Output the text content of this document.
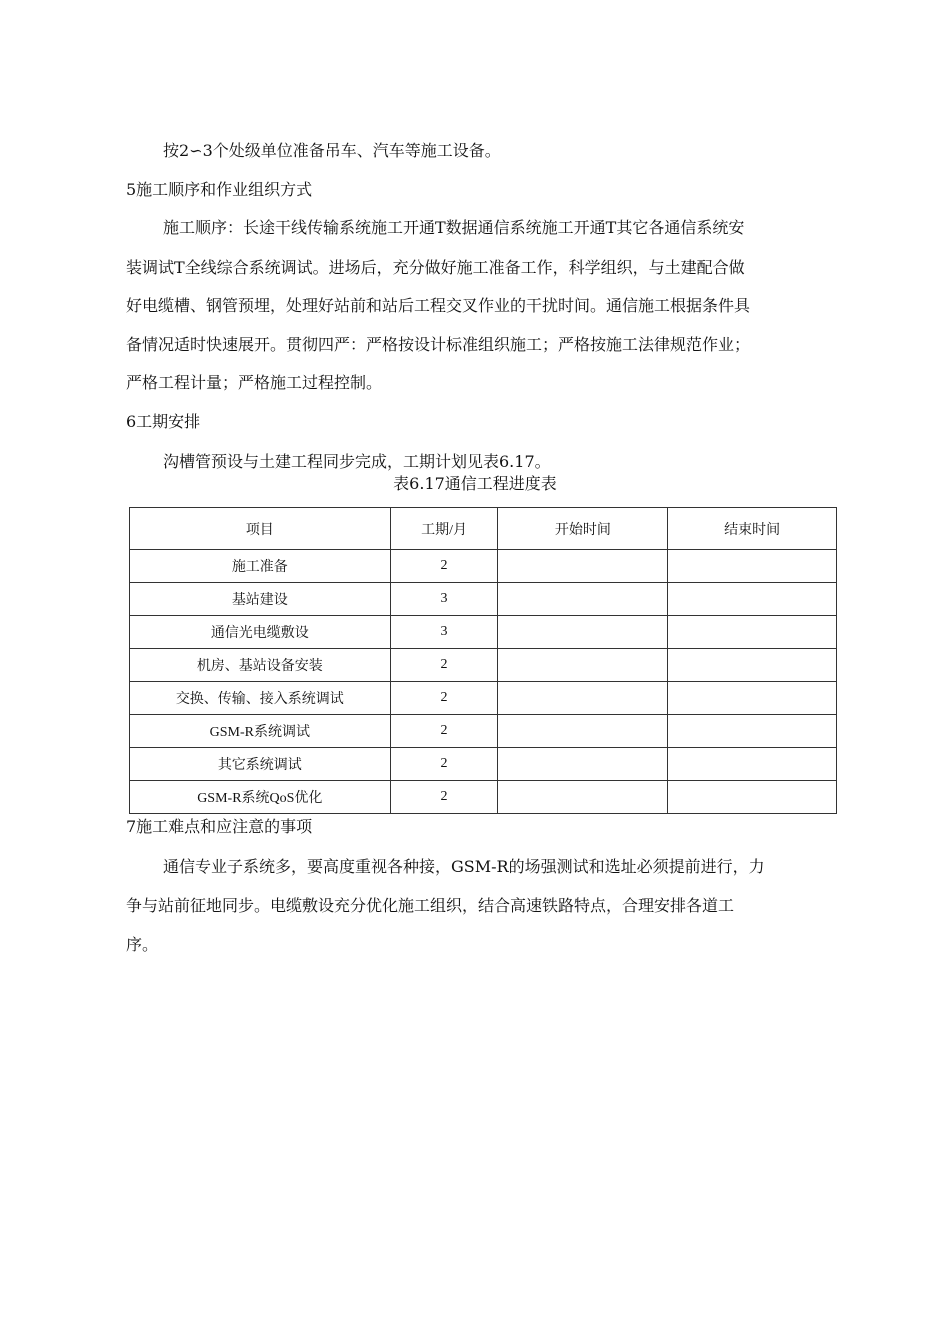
按2∽3个处级单位准备吊车、汽车等施工设备。

5施工顺序和作业组织方式

施工顺序：长途干线传输系统施工开通T数据通信系统施工开通T其它各通信系统安

装调试T全线综合系统调试。进场后，充分做好施工准备工作，科学组织，与土建配合做

好电缆槽、钢管预埋，处理好站前和站后工程交叉作业的干扰时间。通信施工根据条件具

备情况适时快速展开。贯彻四严：严格按设计标准组织施工；严格按施工法律规范作业；

严格工程计量；严格施工过程控制。

6工期安排

沟槽管预设与土建工程同步完成，工期计划见表6.17。

表6.17通信工程进度表
项目	工期/月	开始时间	结束时间
施工准备	2		
基站建设	3		
通信光电缆敷设	3		
机房、基站设备安装	2		
交换、传输、接入系统调试	2		
GSM-R系统调试	2		
其它系统调试	2		
GSM-R系统QoS优化	2		

7施工难点和应注意的事项

通信专业子系统多，要高度重视各种接，GSM-R的场强测试和选址必须提前进行，力

争与站前征地同步。电缆敷设充分优化施工组织，结合高速铁路特点，合理安排各道工

序。
